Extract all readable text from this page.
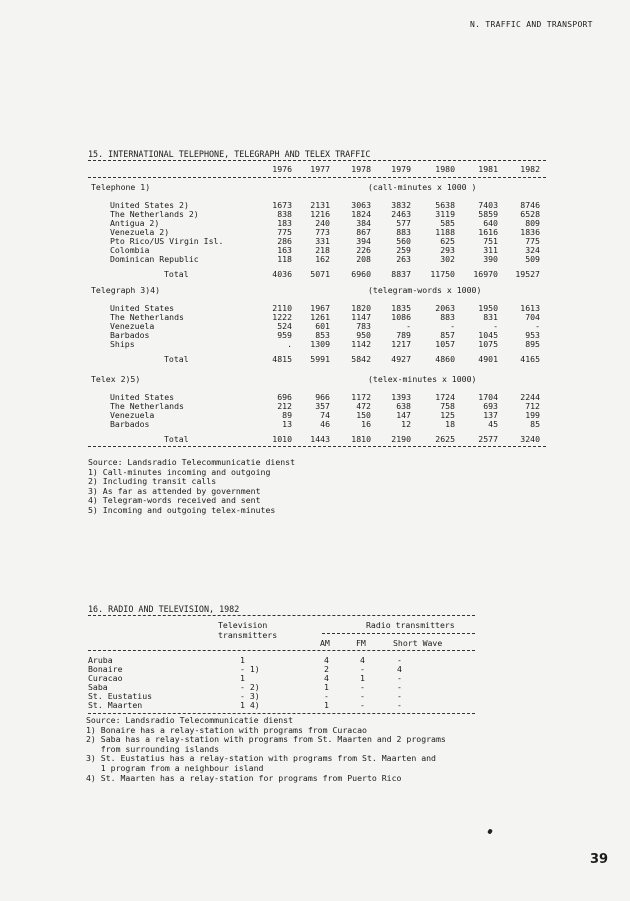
N. TRAFFIC AND TRANSPORT
15. INTERNATIONAL TELEPHONE, TELEGRAPH AND TELEX TRAFFIC
1976	1977	1978	1979	1980	1981	1982
Telephone 1)	(call-minutes x 1000 )
United States 2)	1673	2131	3063	3832	5638	7403	8746
The Netherlands 2)	838	1216	1824	2463	3119	5859	6528
Antigua 2)	183	240	384	577	585	640	809
Venezuela 2)	775	773	867	883	1188	1616	1836
Pto Rico/US Virgin Isl.	286	331	394	560	625	751	775
Colombia	163	218	226	259	293	311	324
Dominican Republic	118	162	208	263	302	390	509
Total	4036	5071	6960	8837	11750	16970	19527
Telegraph 3)4)	(telegram-words x 1000)
United States	2110	1967	1820	1835	2063	1950	1613
The Netherlands	1222	1261	1147	1086	883	831	704
Venezuela	524	601	783	-	-	-	-
Barbados	959	853	950	789	857	1045	953
Ships	.	1309	1142	1217	1057	1075	895
Total	4815	5991	5842	4927	4860	4901	4165
Telex 2)5)	(telex-minutes x 1000)
United States	696	966	1172	1393	1724	1704	2244
The Netherlands	212	357	472	638	758	693	712
Venezuela	89	74	150	147	125	137	199
Barbados	13	46	16	12	18	45	85
Total	1010	1443	1810	2190	2625	2577	3240
Source: Landsradio Telecommunicatie dienst
1) Call-minutes incoming and outgoing
2) Including transit calls
3) As far as attended by government
4) Telegram-words received and sent
5) Incoming and outgoing telex-minutes
16. RADIO AND TELEVISION, 1982
Television
transmitters
Radio transmitters
AM	FM	Short Wave
Aruba	1	4	4	-
Bonaire	- 1)	2	-	4
Curacao	1	4	1	-
Saba	- 2)	1	-	-
St. Eustatius	- 3)	-	-	-
St. Maarten	1 4)	1	-	-
Source: Landsradio Telecommunicatie dienst
1) Bonaire has a relay-station with programs from Curacao
2) Saba has a relay-station with programs from St. Maarten and 2 programs
from surrounding islands
3) St. Eustatius has a relay-station with programs from St. Maarten and
1 program from a neighbour island
4) St. Maarten has a relay-station for programs from Puerto Rico
39
